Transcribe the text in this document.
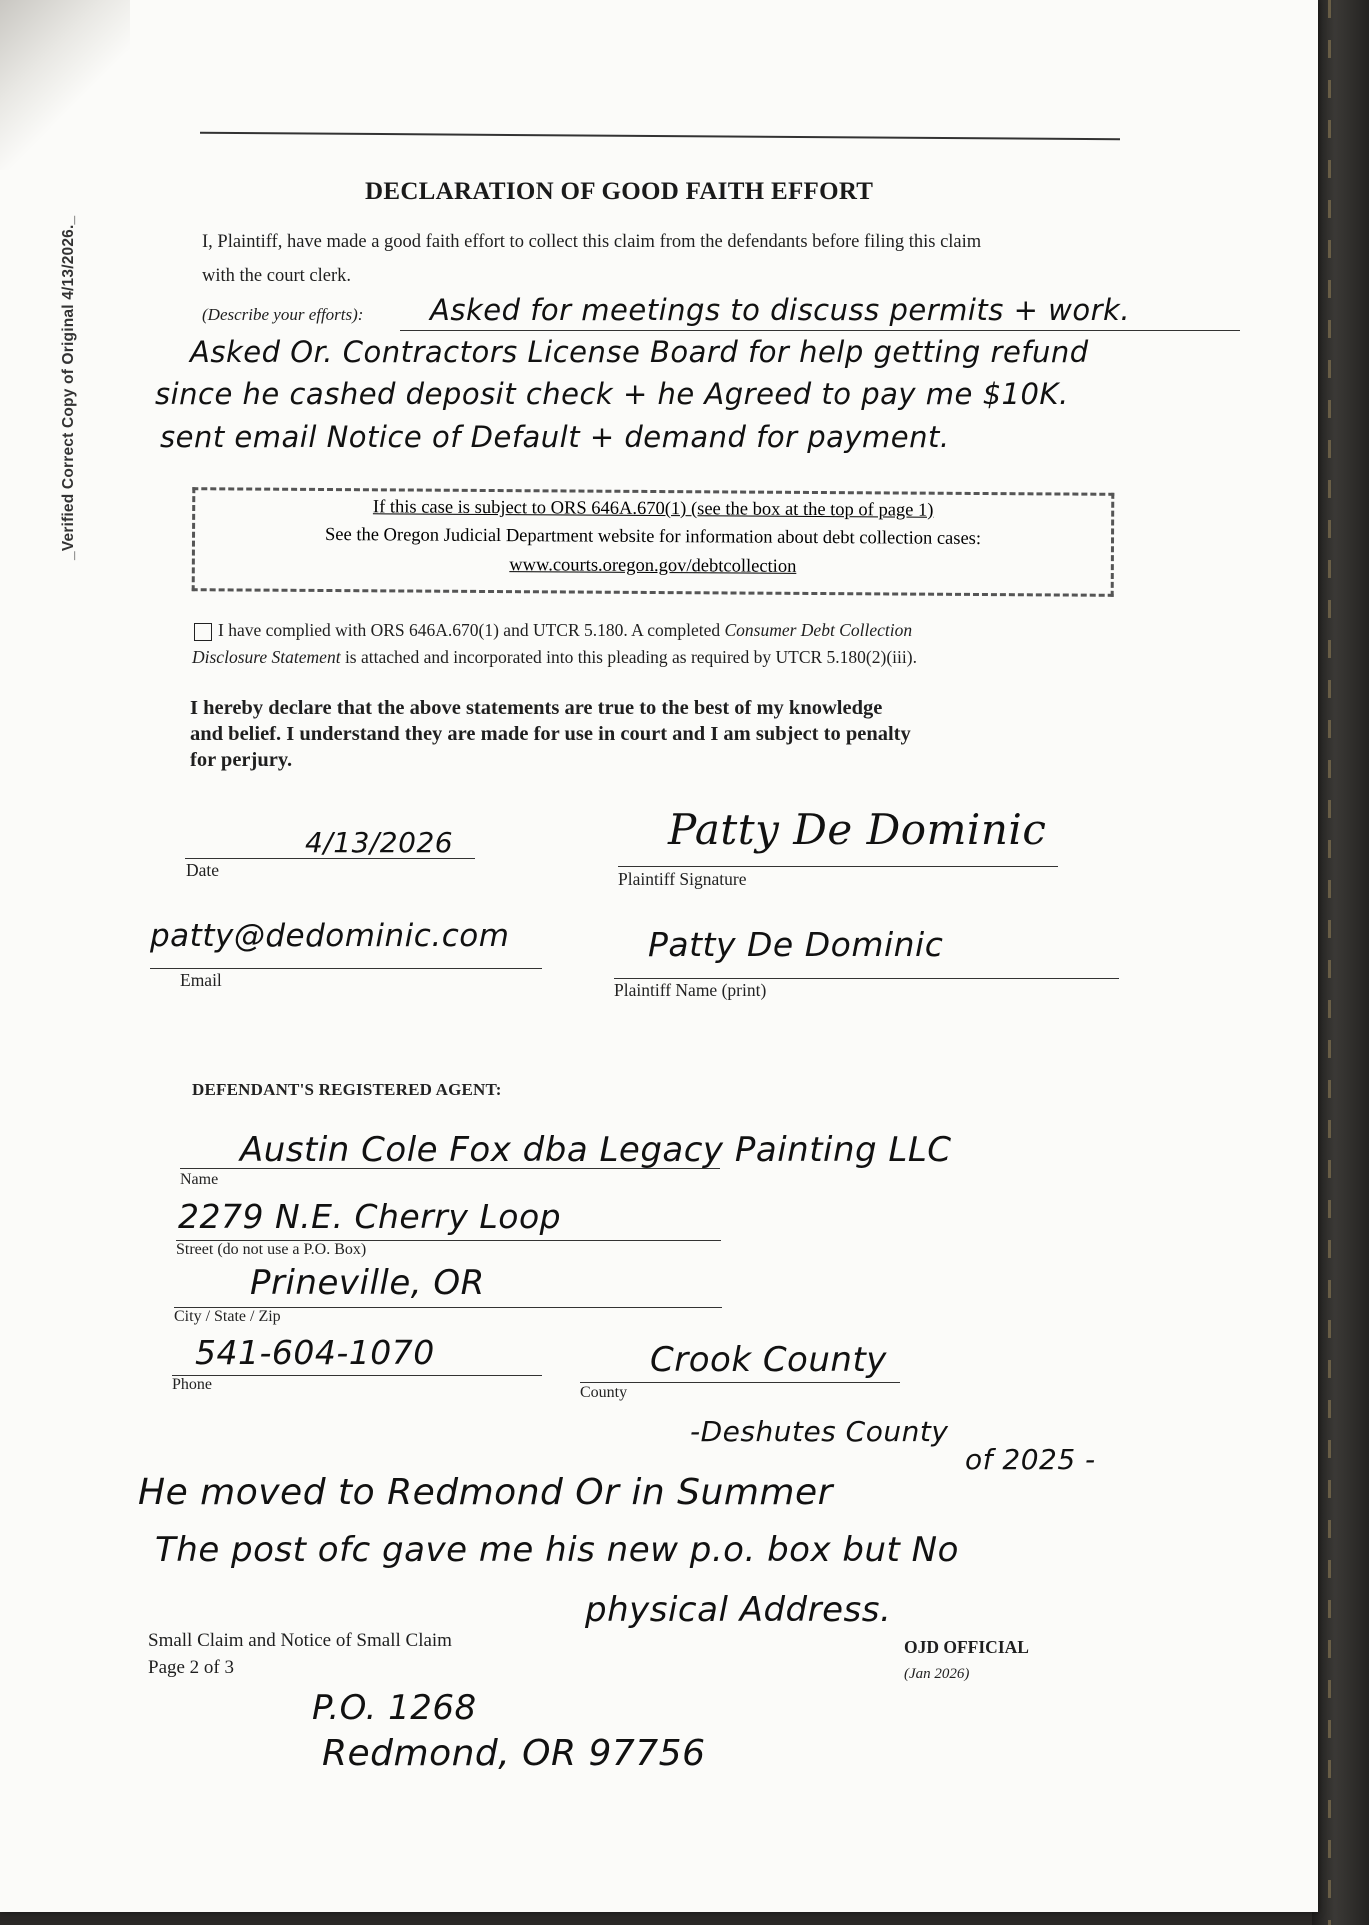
_Verified Correct Copy of Original 4/13/2026._
DECLARATION OF GOOD FAITH EFFORT
I, Plaintiff, have made a good faith effort to collect this claim from the defendants before filing this claim
with the court clerk.
(Describe your efforts): Asked for meetings to discuss permits + work.
Asked Or. Contractors License Board for help getting refund
since he cashed deposit check + he Agreed to pay me $10K.
sent email Notice of Default + demand for payment.
If this case is subject to ORS 646A.670(1) (see the box at the top of page 1)
See the Oregon Judicial Department website for information about debt collection cases:
www.courts.oregon.gov/debtcollection
I have complied with ORS 646A.670(1) and UTCR 5.180. A completed Consumer Debt Collection
Disclosure Statement is attached and incorporated into this pleading as required by UTCR 5.180(2)(iii).
I hereby declare that the above statements are true to the best of my knowledge
and belief. I understand they are made for use in court and I am subject to penalty
for perjury.
4/13/2026
Date
Patty De Dominic
Plaintiff Signature
patty@dedominic.com
Email
Patty De Dominic
Plaintiff Name (print)
DEFENDANT'S REGISTERED AGENT:
Austin Cole Fox dba Legacy Painting LLC
Name
2279 N.E. Cherry Loop
Street (do not use a P.O. Box)
Prineville, OR
City / State / Zip
541-604-1070
Phone
Crook County
County
-Deshutes County
of 2025 -
He moved to Redmond Or in Summer
The post ofc gave me his new p.o. box but No
physical Address.
Small Claim and Notice of Small Claim
Page 2 of 3
OJD OFFICIAL
(Jan 2026)
P.O. 1268
Redmond, OR 97756
